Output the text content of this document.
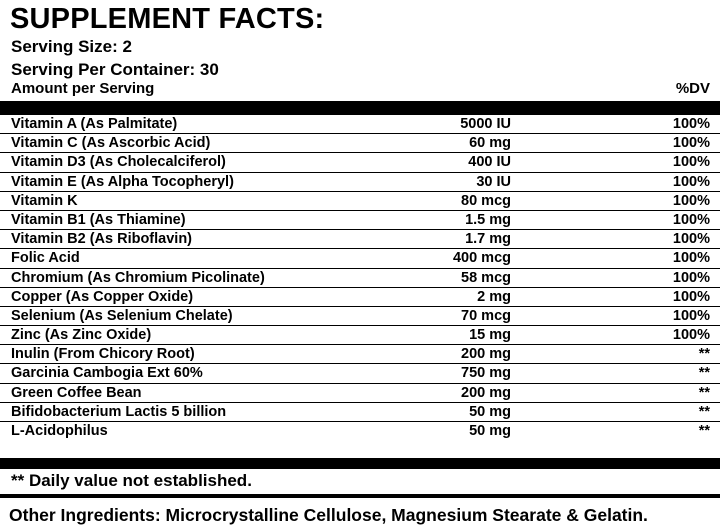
SUPPLEMENT FACTS:
Serving Size: 2
Serving Per Container: 30
Amount per Serving	%DV
Vitamin A (As Palmitate)	5000 IU	100%
Vitamin C (As Ascorbic Acid)	60 mg	100%
Vitamin D3 (As Cholecalciferol)	400 IU	100%
Vitamin E (As Alpha Tocopheryl)	30 IU	100%
Vitamin K	80 mcg	100%
Vitamin B1 (As Thiamine)	1.5 mg	100%
Vitamin B2 (As Riboflavin)	1.7 mg	100%
Folic Acid	400 mcg	100%
Chromium (As Chromium Picolinate)	58 mcg	100%
Copper (As Copper Oxide)	2 mg	100%
Selenium (As Selenium Chelate)	70 mcg	100%
Zinc (As Zinc Oxide)	15 mg	100%
Inulin (From Chicory Root)	200 mg	**
Garcinia Cambogia Ext 60%	750 mg	**
Green Coffee Bean	200 mg	**
Bifidobacterium Lactis 5 billion	50 mg	**
L-Acidophilus	50 mg	**
** Daily value not established.
Other Ingredients: Microcrystalline Cellulose, Magnesium Stearate & Gelatin.
